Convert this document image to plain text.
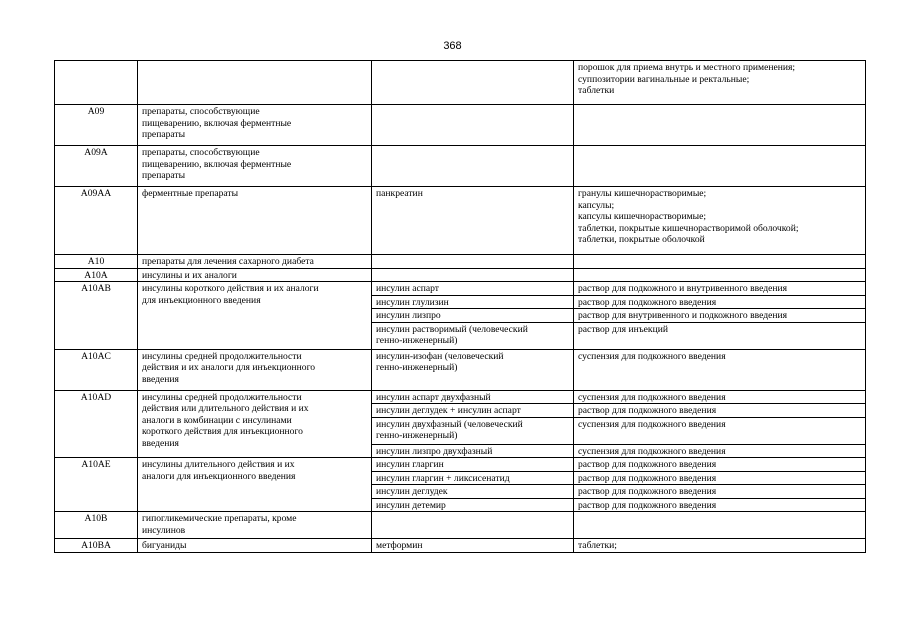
368

			порошок для приема внутрь и местного применения;
суппозитории вагинальные и ректальные;
таблетки

A09	препараты, способствующие
пищеварению, включая ферментные
препараты		

A09A	препараты, способствующие
пищеварению, включая ферментные
препараты		

A09AA	ферментные препараты	панкреатин	гранулы кишечнорастворимые;
капсулы;
капсулы кишечнорастворимые;
таблетки, покрытые кишечнорастворимой оболочкой;
таблетки, покрытые оболочкой

A10	препараты для лечения сахарного диабета		

A10A	инсулины и их аналоги		

A10AB	инсулины короткого действия и их аналоги
для инъекционного введения	инсулин аспарт	раствор для подкожного и внутривенного введения

		инсулин глулизин	раствор для подкожного введения

		инсулин лизпро	раствор для внутривенного и подкожного введения

		инсулин растворимый (человеческий
генно-инженерный)	раствор для инъекций

A10AC	инсулины средней продолжительности
действия и их аналоги для инъекционного
введения	инсулин-изофан (человеческий
генно-инженерный)	суспензия для подкожного введения

A10AD	инсулины средней продолжительности
действия или длительного действия и их
аналоги в комбинации с инсулинами
короткого действия для инъекционного
введения	инсулин аспарт двухфазный	суспензия для подкожного введения

		инсулин деглудек + инсулин аспарт	раствор для подкожного введения

		инсулин двухфазный (человеческий
генно-инженерный)	суспензия для подкожного введения

		инсулин лизпро двухфазный	суспензия для подкожного введения

A10AE	инсулины длительного действия и их
аналоги для инъекционного введения	инсулин гларгин	раствор для подкожного введения

		инсулин гларгин + ликсисенатид	раствор для подкожного введения

		инсулин деглудек	раствор для подкожного введения

		инсулин детемир	раствор для подкожного введения

A10B	гипогликемические препараты, кроме
инсулинов		

A10BA	бигуаниды	метформин	таблетки;
